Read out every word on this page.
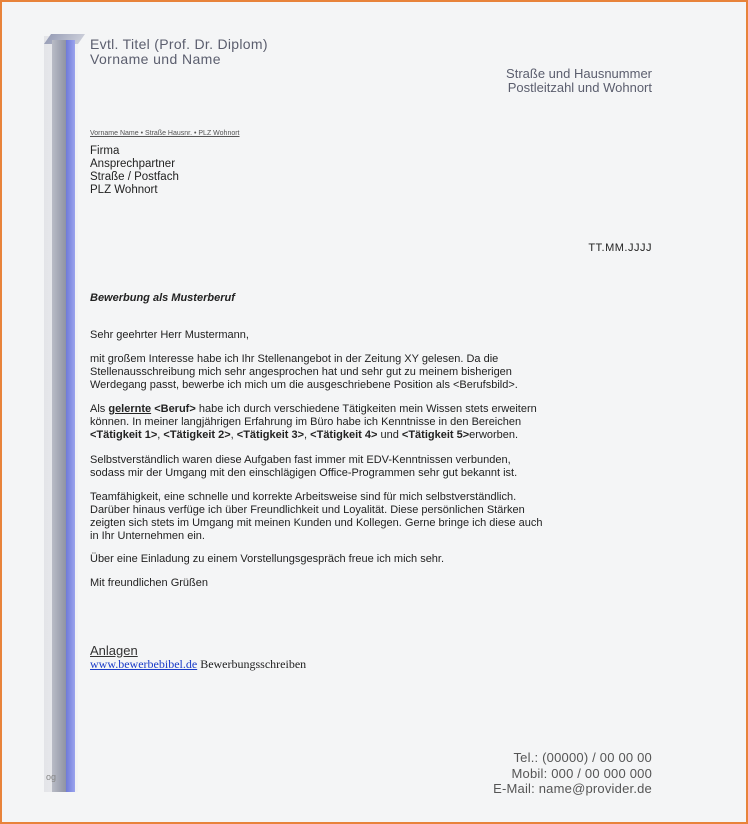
Evtl. Titel (Prof. Dr. Diplom)
Vorname und Name
Straße und Hausnummer
Postleitzahl und Wohnort
Vorname Name • Straße Hausnr. • PLZ Wohnort
Firma
Ansprechpartner
Straße / Postfach
PLZ Wohnort
TT.MM.JJJJ
Bewerbung als Musterberuf
Sehr geehrter Herr Mustermann,
mit großem Interesse habe ich Ihr Stellenangebot in der Zeitung XY gelesen. Da die
Stellenausschreibung mich sehr angesprochen hat und sehr gut zu meinem bisherigen
Werdegang passt, bewerbe ich mich um die ausgeschriebene Position als <Berufsbild>.
Als gelernte <Beruf> habe ich durch verschiedene Tätigkeiten mein Wissen stets erweitern
können. In meiner langjährigen Erfahrung im Büro habe ich Kenntnisse in den Bereichen
<Tätigkeit 1>, <Tätigkeit 2>, <Tätigkeit 3>, <Tätigkeit 4> und <Tätigkeit 5>erworben.
Selbstverständlich waren diese Aufgaben fast immer mit EDV-Kenntnissen verbunden,
sodass mir der Umgang mit den einschlägigen Office-Programmen sehr gut bekannt ist.
Teamfähigkeit, eine schnelle und korrekte Arbeitsweise sind für mich selbstverständlich.
Darüber hinaus verfüge ich über Freundlichkeit und Loyalität. Diese persönlichen Stärken
zeigten sich stets im Umgang mit meinen Kunden und Kollegen. Gerne bringe ich diese auch
in Ihr Unternehmen ein.
Über eine Einladung zu einem Vorstellungsgespräch freue ich mich sehr.
Mit freundlichen Grüßen
Anlagen
www.bewerbebibel.de Bewerbungsschreiben
Tel.: (00000) / 00 00 00
Mobil: 000 / 00 000 000
E-Mail: name@provider.de
og
